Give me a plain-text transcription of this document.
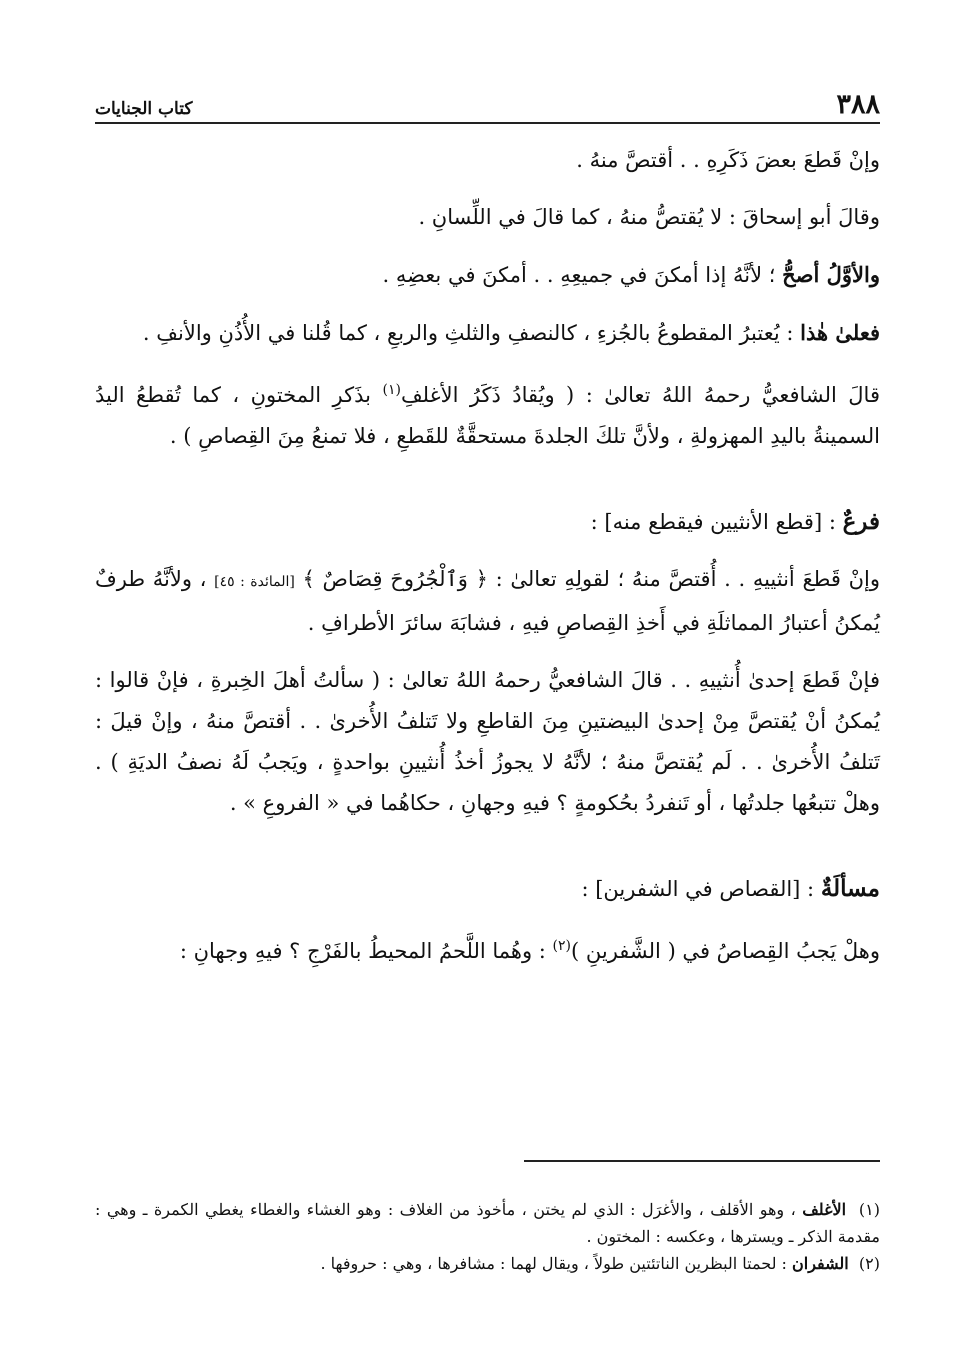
٣٨٨
كتاب الجنايات

وإنْ قَطعَ بعضَ ذَكَرِهِ . . أقتصَّ منهُ .

وقالَ أبو إسحاقَ : لا يُقتصُّ منهُ ، كما قالَ في اللِّسانِ .

والأوَّلُ أصحُّ ؛ لأنَّهُ إذا أمكنَ في جميعِهِ . . أمكنَ في بعضِهِ .

فعلىٰ هٰذا : يُعتبرُ المقطوعُ بالجُزءِ ، كالنصفِ والثلثِ والربعِ ، كما قُلنا في الأُذُنِ والأنفِ .

قالَ الشافعيُّ رحمهُ اللهُ تعالىٰ : ( ويُقادُ ذَكَرُ الأغلفِ$^{(١)}$ بذَكرِ المختونِ ، كما تُقطعُ اليدُ السمينةُ باليدِ المهزولةِ ، ولأنَّ تلكَ الجلدةَ مستحقَّةٌ للقَطعِ ، فلا تمنعُ مِنَ القِصاصِ ) .

فرعٌ : [قطع الأنثيين فيقطع منه] :

وإنْ قَطعَ أنثييهِ . . أُقتصَّ منهُ ؛ لقولِهِ تعالىٰ : ﴿ وَٱلْجُرُوحَ قِصَاصٌ ﴾ [المائدة : ٤٥] ، ولأنَّهُ طرفٌ يُمكنُ أعتبارُ المماثلَةِ في أَخذِ القِصاصِ فيهِ ، فشابَهَ سائرَ الأطرافِ .

فإنْ قَطعَ إحدىٰ أُنثييهِ . . قالَ الشافعيُّ رحمهُ اللهُ تعالىٰ : ( سألتُ أهلَ الخِبرةِ ، فإنْ قالوا : يُمكنُ أنْ يُقتصَّ مِنْ إحدىٰ البيضتينِ مِنَ القاطعِ ولا تَتلفُ الأُخرىٰ . . أقتصَّ منهُ ، وإنْ قيلَ : تَتلفُ الأُخرىٰ . . لَم يُقتصَّ منهُ ؛ لأنَّهُ لا يجوزُ أخذُ أُنثيينِ بواحدةٍ ، ويَجبُ لَهُ نصفُ الديَةِ ) . وهلْ تتبعُها جلدتُها ، أو تَنفردُ بحُكومةٍ ؟ فيهِ وجهانِ ، حكاهُما في « الفروعِ » .

مسألَةٌ : [القصاص في الشفرين] :

وهلْ يَجبُ القِصاصُ في ( الشَّفرينِ )$^{(٢)}$ : وهُما اللَّحمُ المحيطُ بالفَرْجِ ؟ فيهِ وجهانِ :

(١)  الأغلف ، وهو الأقلف ، والأغرَل : الذي لم يختن ، مأخوذ من الغلاف : وهو الغشاء والغطاء يغطي الكمرة ـ وهي : مقدمة الذكر ـ ويسترها ، وعكسه : المختون .

(٢)  الشفران : لحمتا البظرين الناتئتين طولاً ، ويقال لهما : مشافرها ، وهي : حروفها .
